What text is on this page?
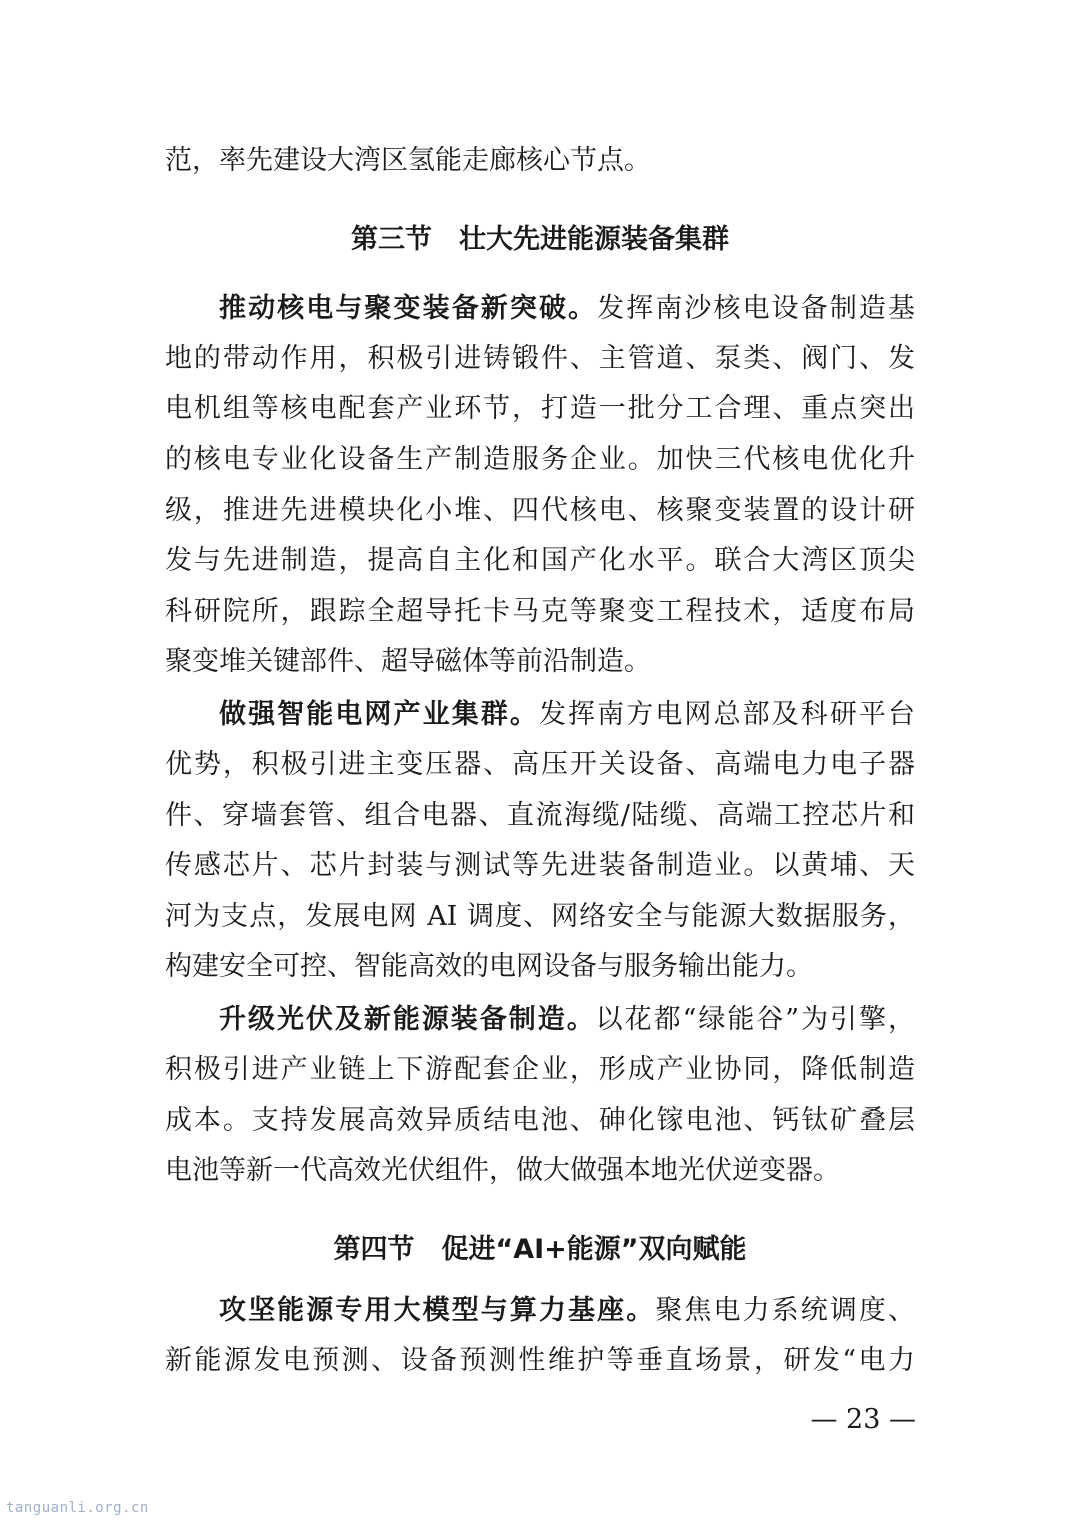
范，率先建设大湾区氢能走廊核心节点。
第三节　壮大先进能源装备集群
推动核电与聚变装备新突破。发挥南沙核电设备制造基
地的带动作用，积极引进铸锻件、主管道、泵类、阀门、发
电机组等核电配套产业环节，打造一批分工合理、重点突出
的核电专业化设备生产制造服务企业。加快三代核电优化升
级，推进先进模块化小堆、四代核电、核聚变装置的设计研
发与先进制造，提高自主化和国产化水平。联合大湾区顶尖
科研院所，跟踪全超导托卡马克等聚变工程技术，适度布局
聚变堆关键部件、超导磁体等前沿制造。
做强智能电网产业集群。发挥南方电网总部及科研平台
优势，积极引进主变压器、高压开关设备、高端电力电子器
件、穿墙套管、组合电器、直流海缆/陆缆、高端工控芯片和
传感芯片、芯片封装与测试等先进装备制造业。以黄埔、天
河为支点，发展电网 AI 调度、网络安全与能源大数据服务，
构建安全可控、智能高效的电网设备与服务输出能力。
升级光伏及新能源装备制造。以花都“绿能谷”为引擎，
积极引进产业链上下游配套企业，形成产业协同，降低制造
成本。支持发展高效异质结电池、砷化镓电池、钙钛矿叠层
电池等新一代高效光伏组件，做大做强本地光伏逆变器。
第四节　促进“AI+能源”双向赋能
攻坚能源专用大模型与算力基座。聚焦电力系统调度、
新能源发电预测、设备预测性维护等垂直场景，研发“电力
— 23 —
tanguanli.org.cn
